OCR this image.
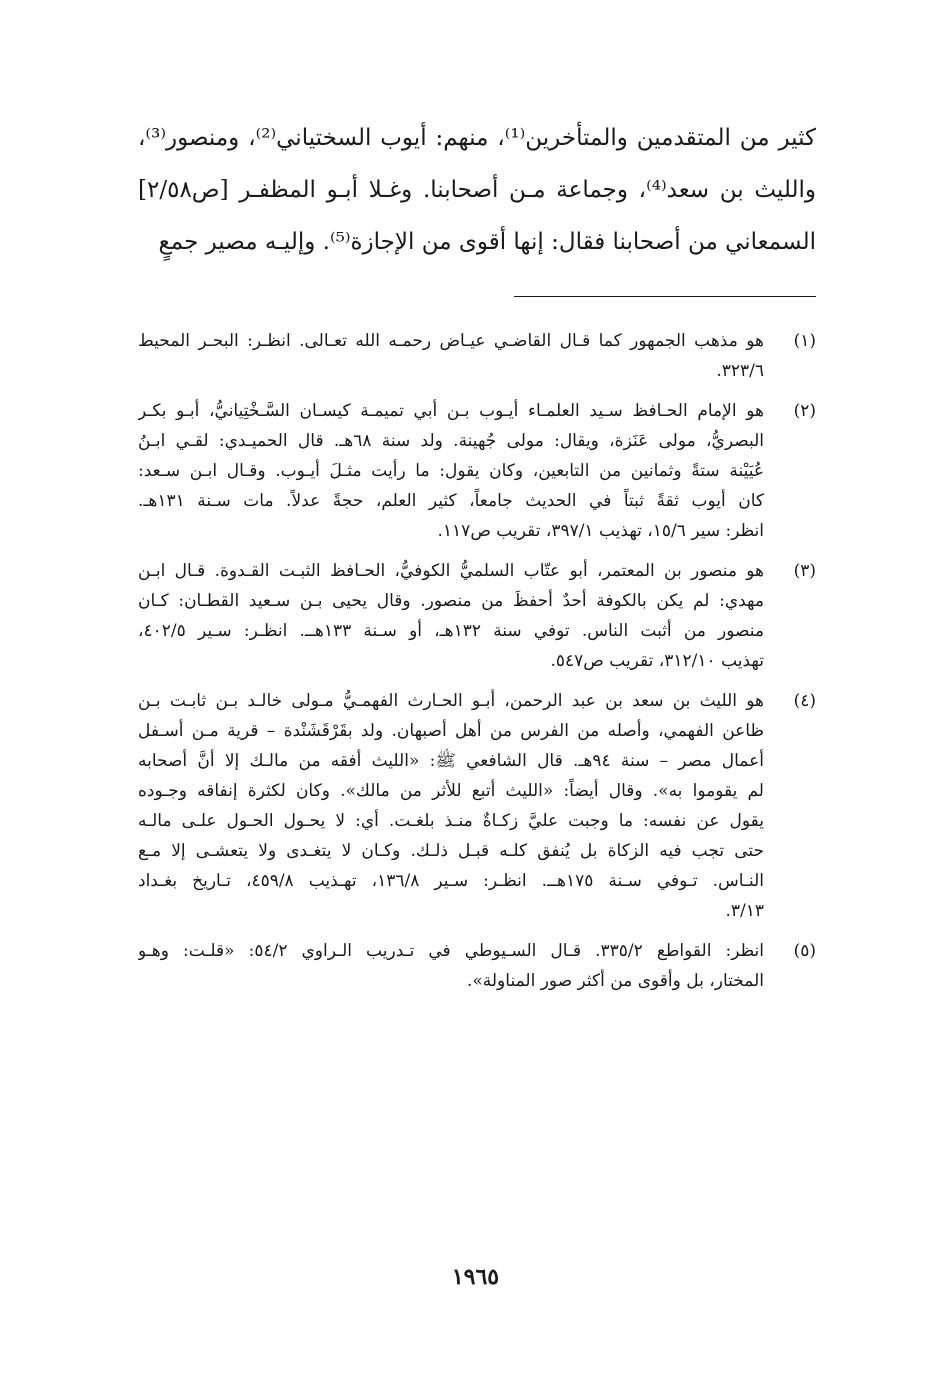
كثير من المتقدمين والمتأخرين⁽¹⁾، منهم: أيوب السختياني⁽²⁾، ومنصور⁽³⁾،
والليث بن سعد⁽⁴⁾، وجماعة مـن أصحابنا. وغـلا أبـو المظفـر [ص٢/٥٨]
السمعاني من أصحابنا فقال: إنها أقوى من الإجازة⁽⁵⁾. وإليـه مصير جمعٍ
(١)
هو مذهب الجمهور كما قـال القاضـي عيـاض رحمـه الله تعـالى. انظـر: البحـر المحيط
٣٢٣/٦.
(٢)
هو الإمام الحـافظ سـيد العلمـاء أيـوب بـن أبي تميمـة كيسـان السَّـخْتِيانيُّ، أبـو بكـر
البصريُّ، مولى عَنَزة، ويقال: مولى جُهينة. ولد سنة ٦٨هـ. قال الحميـدي: لقـي ابـنُ
عُيَيْنة ستةً وثمانين من التابعين، وكان يقول: ما رأيت مثـلَ أيـوب. وقـال ابـن سـعد:
كان أيوب ثقةً ثبتاً في الحديث جامعاً، كثير العلم، حجةً عدلاً. مات سـنة ١٣١هـ.
انظر: سير ١٥/٦، تهذيب ٣٩٧/١، تقريب ص١١٧.
(٣)
هو منصور بن المعتمر، أبو عتّاب السلميُّ الكوفيُّ، الحـافظ الثبـت القـدوة. قـال ابـن
مهدي: لم يكن بالكوفة أحدٌ أحفظَ من منصور. وقال يحيى بـن سـعيد القطـان: كـان
منصور من أثبت الناس. توفي سنة ١٣٢هـ، أو سـنة ١٣٣هــ. انظـر: سـير ٤٠٢/٥،
تهذيب ٣١٢/١٠، تقريب ص٥٤٧.
(٤)
هو الليث بن سعد بن عبد الرحمن، أبـو الحـارث الفهمـيُّ مـولى خالـد بـن ثابـت بـن
ظاعن الفهمي، وأصله من الفرس من أهل أصبهان. ولد بقَرْقَشَنْدة – قرية مـن أسـفل
أعمال مصر – سنة ٩٤هـ. قال الشافعي ﷺ: «الليث أفقه من مالـك إلا أنَّ أصحابه
لم يقوموا به». وقال أيضاً: «الليث أتبع للأثر من مالك». وكان لكثرة إنفاقه وجـوده
يقول عن نفسه: ما وجبت عليَّ زكـاةٌ منـذ بلغـت. أي: لا يحـول الحـول علـى مالـه
حتى تجب فيه الزكاة بل يُنفق كلـه قبـل ذلـك. وكـان لا يتغـدى ولا يتعشـى إلا مـع
النـاس. تـوفي سـنة ١٧٥هــ. انظـر: سـير ١٣٦/٨، تهـذيب ٤٥٩/٨، تـاريخ بغـداد
٣/١٣.
(٥)
انظر: القواطع ٣٣٥/٢. قـال السـيوطي في تـدريب الـراوي ٥٤/٢: «قلـت: وهـو
المختار، بل وأقوى من أكثر صور المناولة».
١٩٦٥
